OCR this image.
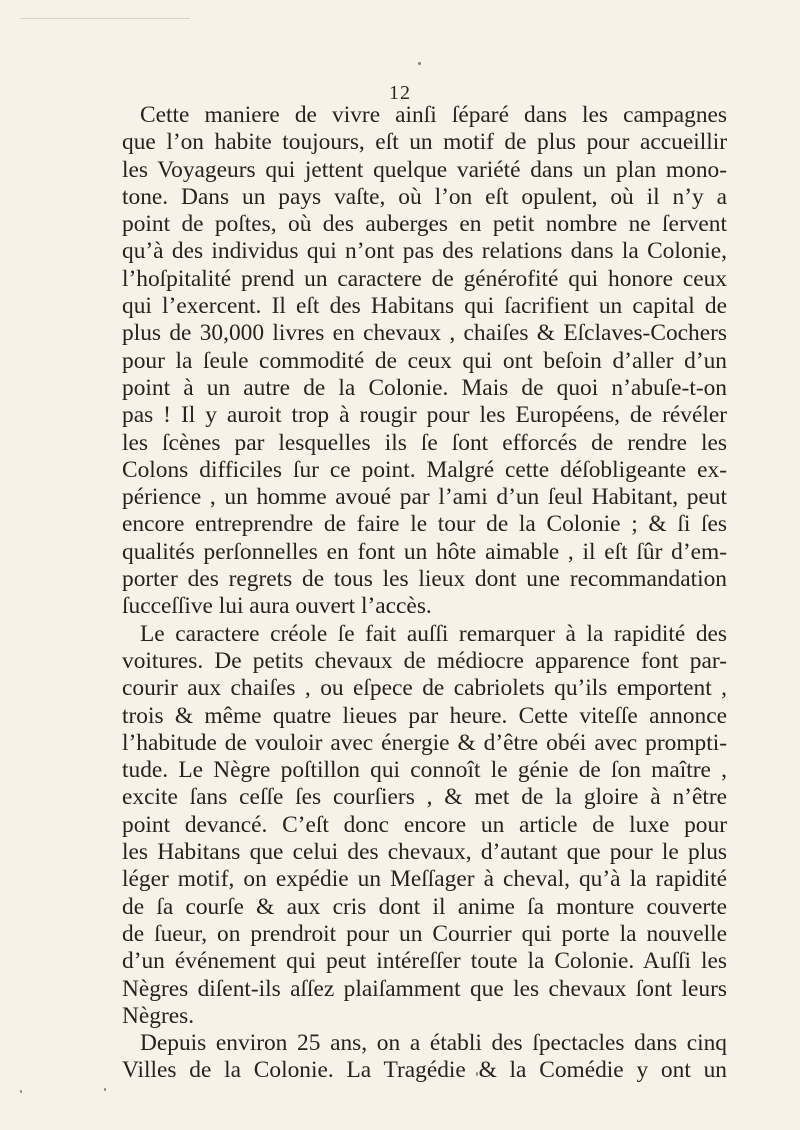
12
Cette maniere de vivre ainſi ſéparé dans les campagnes
que l’on habite toujours, eſt un motif de plus pour accueillir
les Voyageurs qui jettent quelque variété dans un plan mono-
tone. Dans un pays vaſte, où l’on eſt opulent, où il n’y a
point de poſtes, où des auberges en petit nombre ne ſervent
qu’à des individus qui n’ont pas des relations dans la Colonie,
l’hoſpitalité prend un caractere de générofité qui honore ceux
qui l’exercent. Il eſt des Habitans qui ſacrifient un capital de
plus de 30,000 livres en chevaux , chaiſes & Eſclaves-Cochers
pour la ſeule commodité de ceux qui ont beſoin d’aller d’un
point à un autre de la Colonie. Mais de quoi n’abuſe-t-on
pas ! Il y auroit trop à rougir pour les Européens, de révéler
les ſcènes par lesquelles ils ſe ſont efforcés de rendre les
Colons difficiles ſur ce point. Malgré cette déſobligeante ex-
périence , un homme avoué par l’ami d’un ſeul Habitant, peut
encore entreprendre de faire le tour de la Colonie ; & ſi ſes
qualités perſonnelles en font un hôte aimable , il eſt ſûr d’em-
porter des regrets de tous les lieux dont une recommandation
ſucceſſive lui aura ouvert l’accès.
Le caractere créole ſe fait auſſi remarquer à la rapidité des
voitures. De petits chevaux de médiocre apparence font par-
courir aux chaiſes , ou eſpece de cabriolets qu’ils emportent ,
trois & même quatre lieues par heure. Cette viteſſe annonce
l’habitude de vouloir avec énergie & d’être obéi avec prompti-
tude. Le Nègre poſtillon qui connoît le génie de ſon maître ,
excite ſans ceſſe ſes courſiers , & met de la gloire à n’être
point devancé. C’eſt donc encore un article de luxe pour
les Habitans que celui des chevaux, d’autant que pour le plus
léger motif, on expédie un Meſſager à cheval, qu’à la rapidité
de ſa courſe & aux cris dont il anime ſa monture couverte
de ſueur, on prendroit pour un Courrier qui porte la nouvelle
d’un événement qui peut intéreſſer toute la Colonie. Auſſi les
Nègres diſent-ils aſſez plaiſamment que les chevaux ſont leurs
Nègres.
Depuis environ 25 ans, on a établi des ſpectacles dans cinq
Villes de la Colonie. La Tragédie & la Comédie y ont un
